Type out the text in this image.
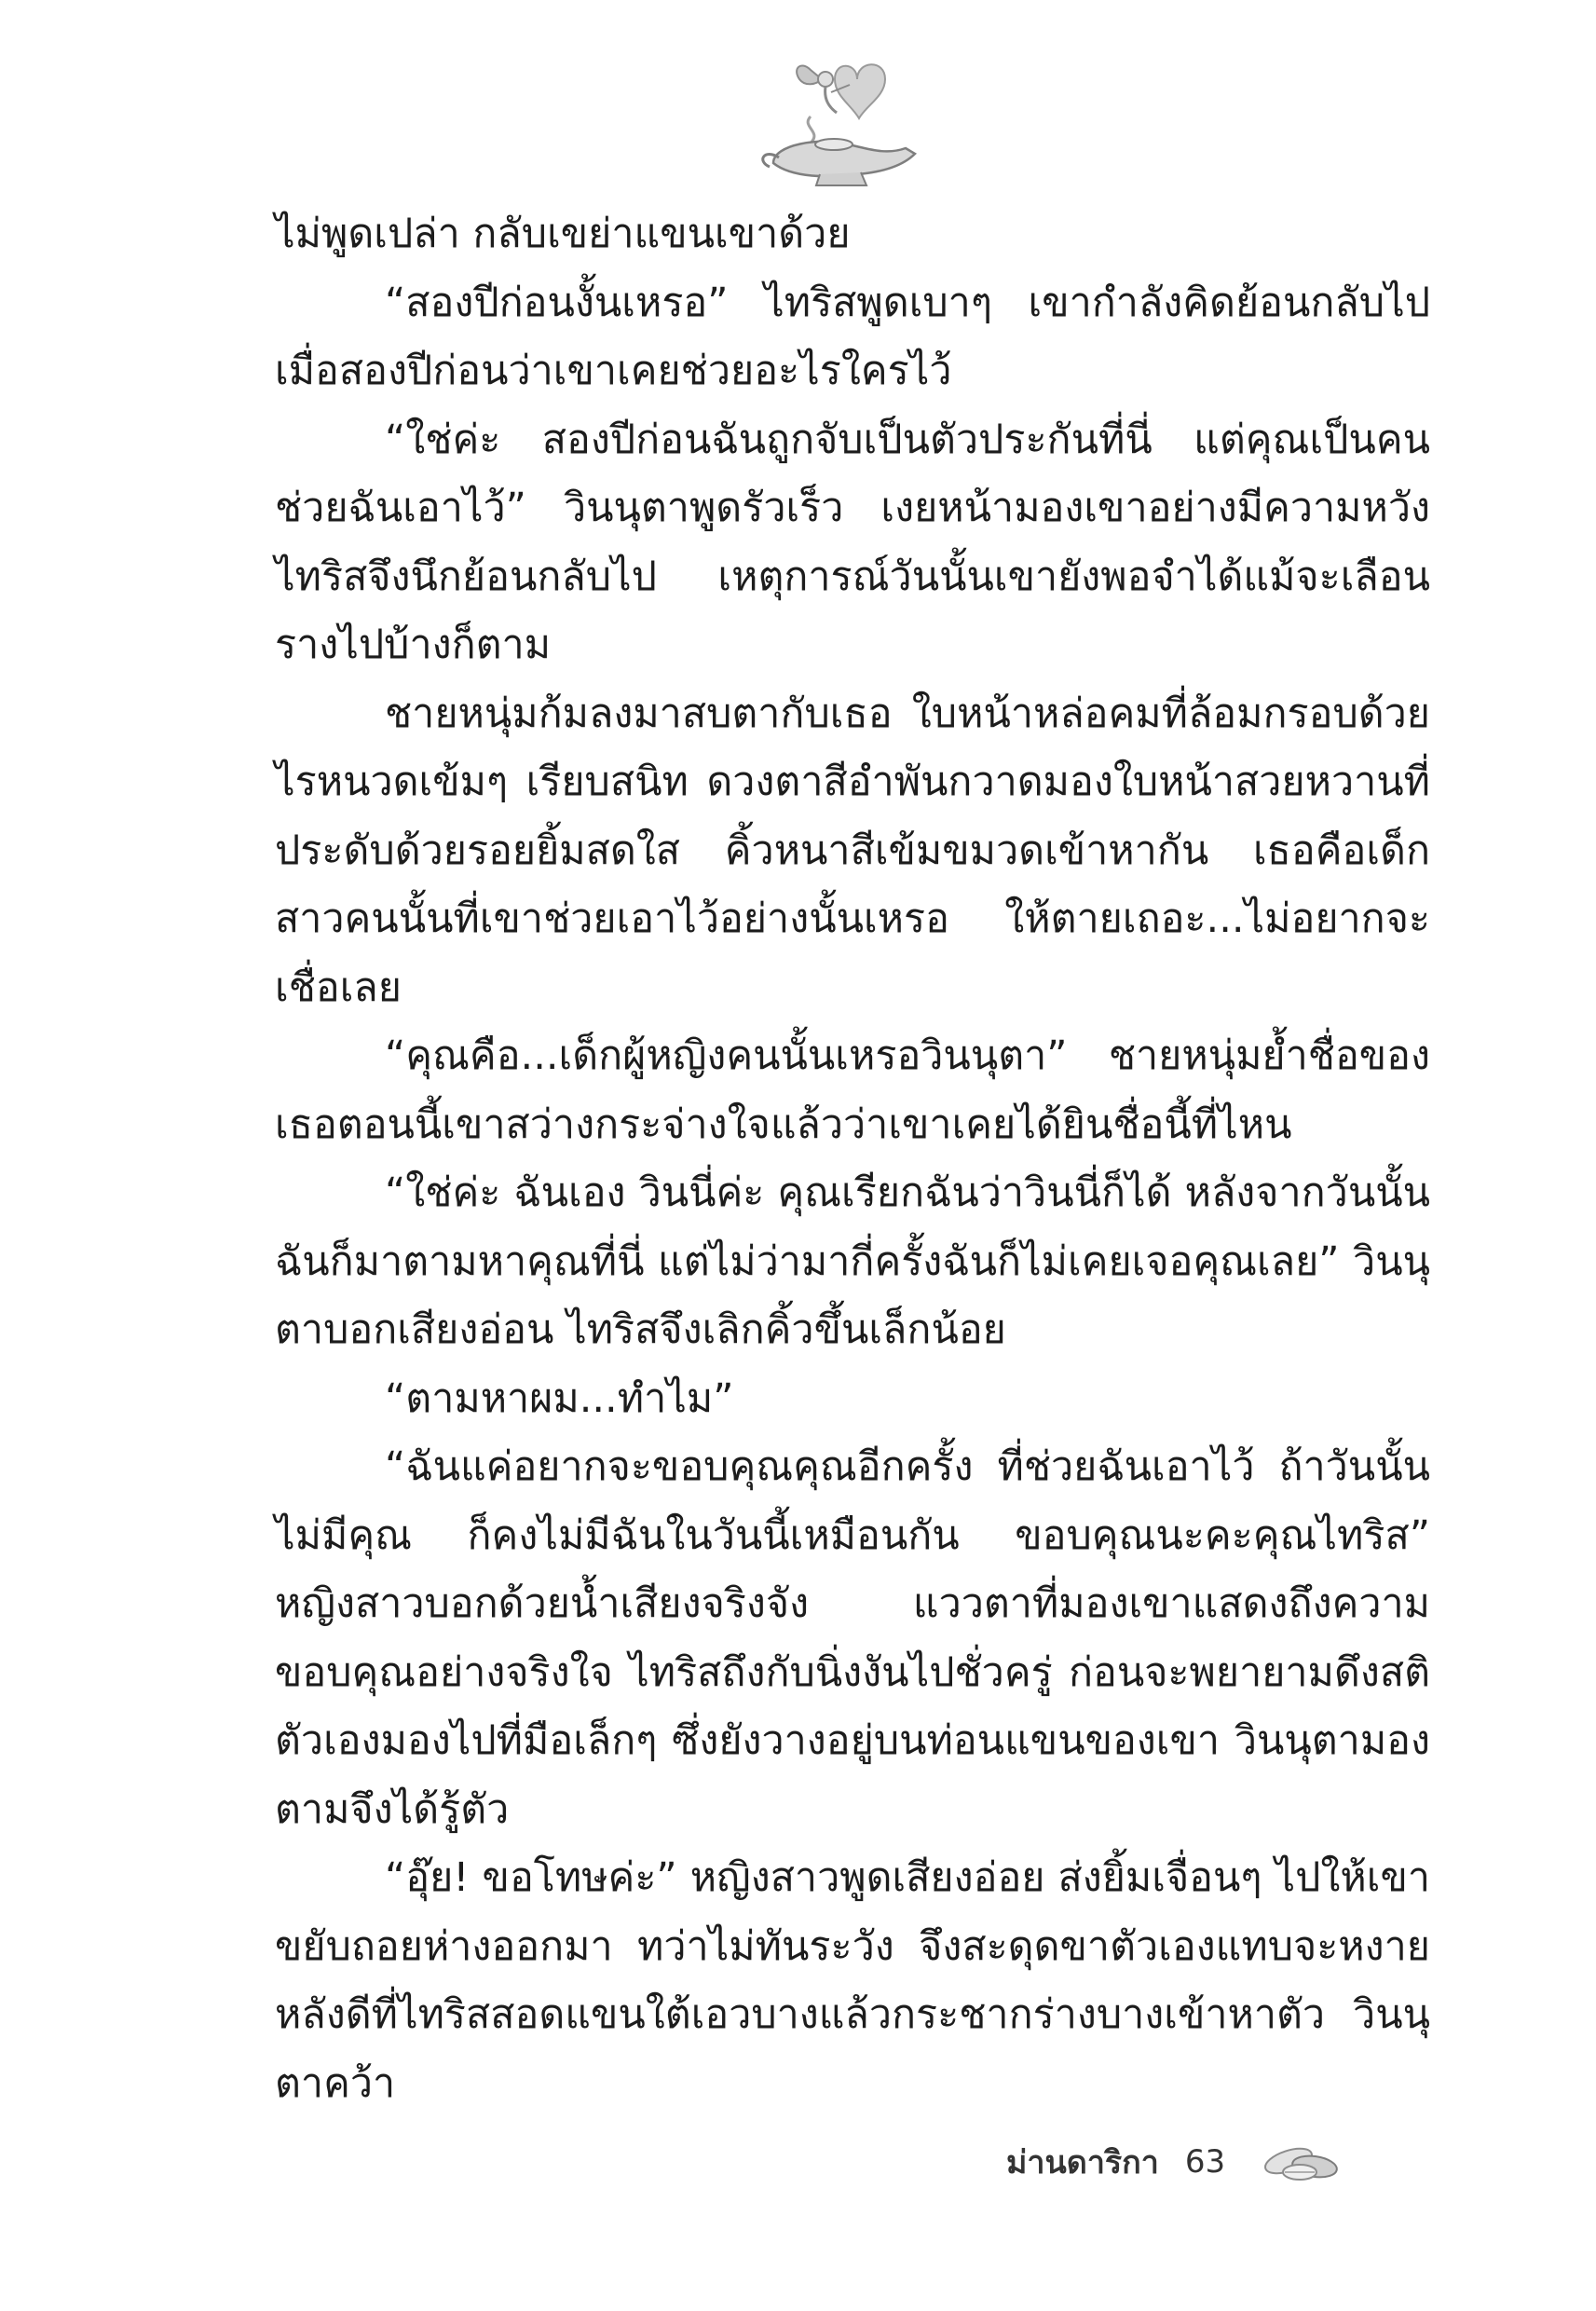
ไม่พูดเปล่า กลับเขย่าแขนเขาด้วย

“สองปีก่อนงั้นเหรอ” ไทริสพูดเบาๆ เขากำลังคิดย้อนกลับไปเมื่อสองปีก่อนว่าเขาเคยช่วยอะไรใครไว้

“ใช่ค่ะ สองปีก่อนฉันถูกจับเป็นตัวประกันที่นี่ แต่คุณเป็นคนช่วยฉันเอาไว้” วินนุตาพูดรัวเร็ว เงยหน้ามองเขาอย่างมีความหวัง ไทริสจึงนึกย้อนกลับไป เหตุการณ์วันนั้นเขายังพอจำได้แม้จะเลือนรางไปบ้างก็ตาม

ชายหนุ่มก้มลงมาสบตากับเธอ ใบหน้าหล่อคมที่ล้อมกรอบด้วยไรหนวดเข้มๆ เรียบสนิท ดวงตาสีอำพันกวาดมองใบหน้าสวยหวานที่ประดับด้วยรอยยิ้มสดใส คิ้วหนาสีเข้มขมวดเข้าหากัน เธอคือเด็กสาวคนนั้นที่เขาช่วยเอาไว้อย่างนั้นเหรอ ให้ตายเถอะ...ไม่อยากจะเชื่อเลย

“คุณคือ...เด็กผู้หญิงคนนั้นเหรอวินนุตา” ชายหนุ่มย้ำชื่อของเธอตอนนี้เขาสว่างกระจ่างใจแล้วว่าเขาเคยได้ยินชื่อนี้ที่ไหน

“ใช่ค่ะ ฉันเอง วินนี่ค่ะ คุณเรียกฉันว่าวินนี่ก็ได้ หลังจากวันนั้นฉันก็มาตามหาคุณที่นี่ แต่ไม่ว่ามากี่ครั้งฉันก็ไม่เคยเจอคุณเลย” วินนุตาบอกเสียงอ่อน ไทริสจึงเลิกคิ้วขึ้นเล็กน้อย

“ตามหาผม...ทำไม”

“ฉันแค่อยากจะขอบคุณคุณอีกครั้ง ที่ช่วยฉันเอาไว้ ถ้าวันนั้นไม่มีคุณ ก็คงไม่มีฉันในวันนี้เหมือนกัน ขอบคุณนะคะคุณไทริส” หญิงสาวบอกด้วยน้ำเสียงจริงจัง แววตาที่มองเขาแสดงถึงความขอบคุณอย่างจริงใจ ไทริสถึงกับนิ่งงันไปชั่วครู่ ก่อนจะพยายามดึงสติตัวเองมองไปที่มือเล็กๆ ซึ่งยังวางอยู่บนท่อนแขนของเขา วินนุตามองตามจึงได้รู้ตัว

“อุ๊ย! ขอโทษค่ะ” หญิงสาวพูดเสียงอ่อย ส่งยิ้มเจื่อนๆ ไปให้เขาขยับถอยห่างออกมา ทว่าไม่ทันระวัง จึงสะดุดขาตัวเองแทบจะหงายหลังดีที่ไทริสสอดแขนใต้เอวบางแล้วกระชากร่างบางเข้าหาตัว วินนุตาคว้า

ม่านดาริกา 63
